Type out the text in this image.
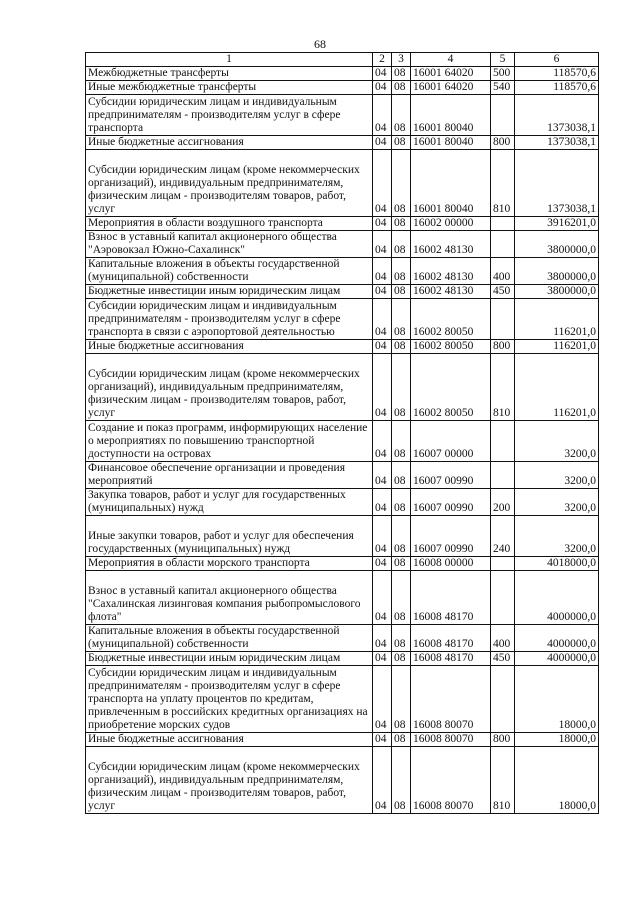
68
1	2	3	4	5	6
Межбюджетные трансферты	04	08	16001 64020	500	118570,6
Иные межбюджетные трансферты	04	08	16001 64020	540	118570,6
Субсидии юридическим лицам и индивидуальным предпринимателям - производителям услуг в сфере транспорта	04	08	16001 80040		1373038,1
Иные бюджетные ассигнования	04	08	16001 80040	800	1373038,1
Субсидии юридическим лицам (кроме некоммерческих организаций), индивидуальным предпринимателям, физическим лицам - производителям товаров, работ, услуг	04	08	16001 80040	810	1373038,1
Мероприятия в области воздушного транспорта	04	08	16002 00000		3916201,0
Взнос в уставный капитал акционерного общества "Аэровокзал Южно-Сахалинск"	04	08	16002 48130		3800000,0
Капитальные вложения в объекты государственной (муниципальной) собственности	04	08	16002 48130	400	3800000,0
Бюджетные инвестиции иным юридическим лицам	04	08	16002 48130	450	3800000,0
Субсидии юридическим лицам и индивидуальным предпринимателям - производителям услуг в сфере транспорта в связи с аэропортовой деятельностью	04	08	16002 80050		116201,0
Иные бюджетные ассигнования	04	08	16002 80050	800	116201,0
Субсидии юридическим лицам (кроме некоммерческих организаций), индивидуальным предпринимателям, физическим лицам - производителям товаров, работ, услуг	04	08	16002 80050	810	116201,0
Создание и показ программ, информирующих население о мероприятиях по повышению транспортной доступности на островах	04	08	16007 00000		3200,0
Финансовое обеспечение организации и проведения мероприятий	04	08	16007 00990		3200,0
Закупка товаров, работ и услуг для государственных (муниципальных) нужд	04	08	16007 00990	200	3200,0
Иные закупки товаров, работ и услуг для обеспечения государственных (муниципальных) нужд	04	08	16007 00990	240	3200,0
Мероприятия в области морского транспорта	04	08	16008 00000		4018000,0
Взнос в уставный капитал акционерного общества "Сахалинская лизинговая компания рыбопромыслового флота"	04	08	16008 48170		4000000,0
Капитальные вложения в объекты государственной (муниципальной) собственности	04	08	16008 48170	400	4000000,0
Бюджетные инвестиции иным юридическим лицам	04	08	16008 48170	450	4000000,0
Субсидии юридическим лицам и индивидуальным предпринимателям - производителям услуг в сфере транспорта на уплату процентов по кредитам, привлеченным в российских кредитных организациях на приобретение морских судов	04	08	16008 80070		18000,0
Иные бюджетные ассигнования	04	08	16008 80070	800	18000,0
Субсидии юридическим лицам (кроме некоммерческих организаций), индивидуальным предпринимателям, физическим лицам - производителям товаров, работ, услуг	04	08	16008 80070	810	18000,0
